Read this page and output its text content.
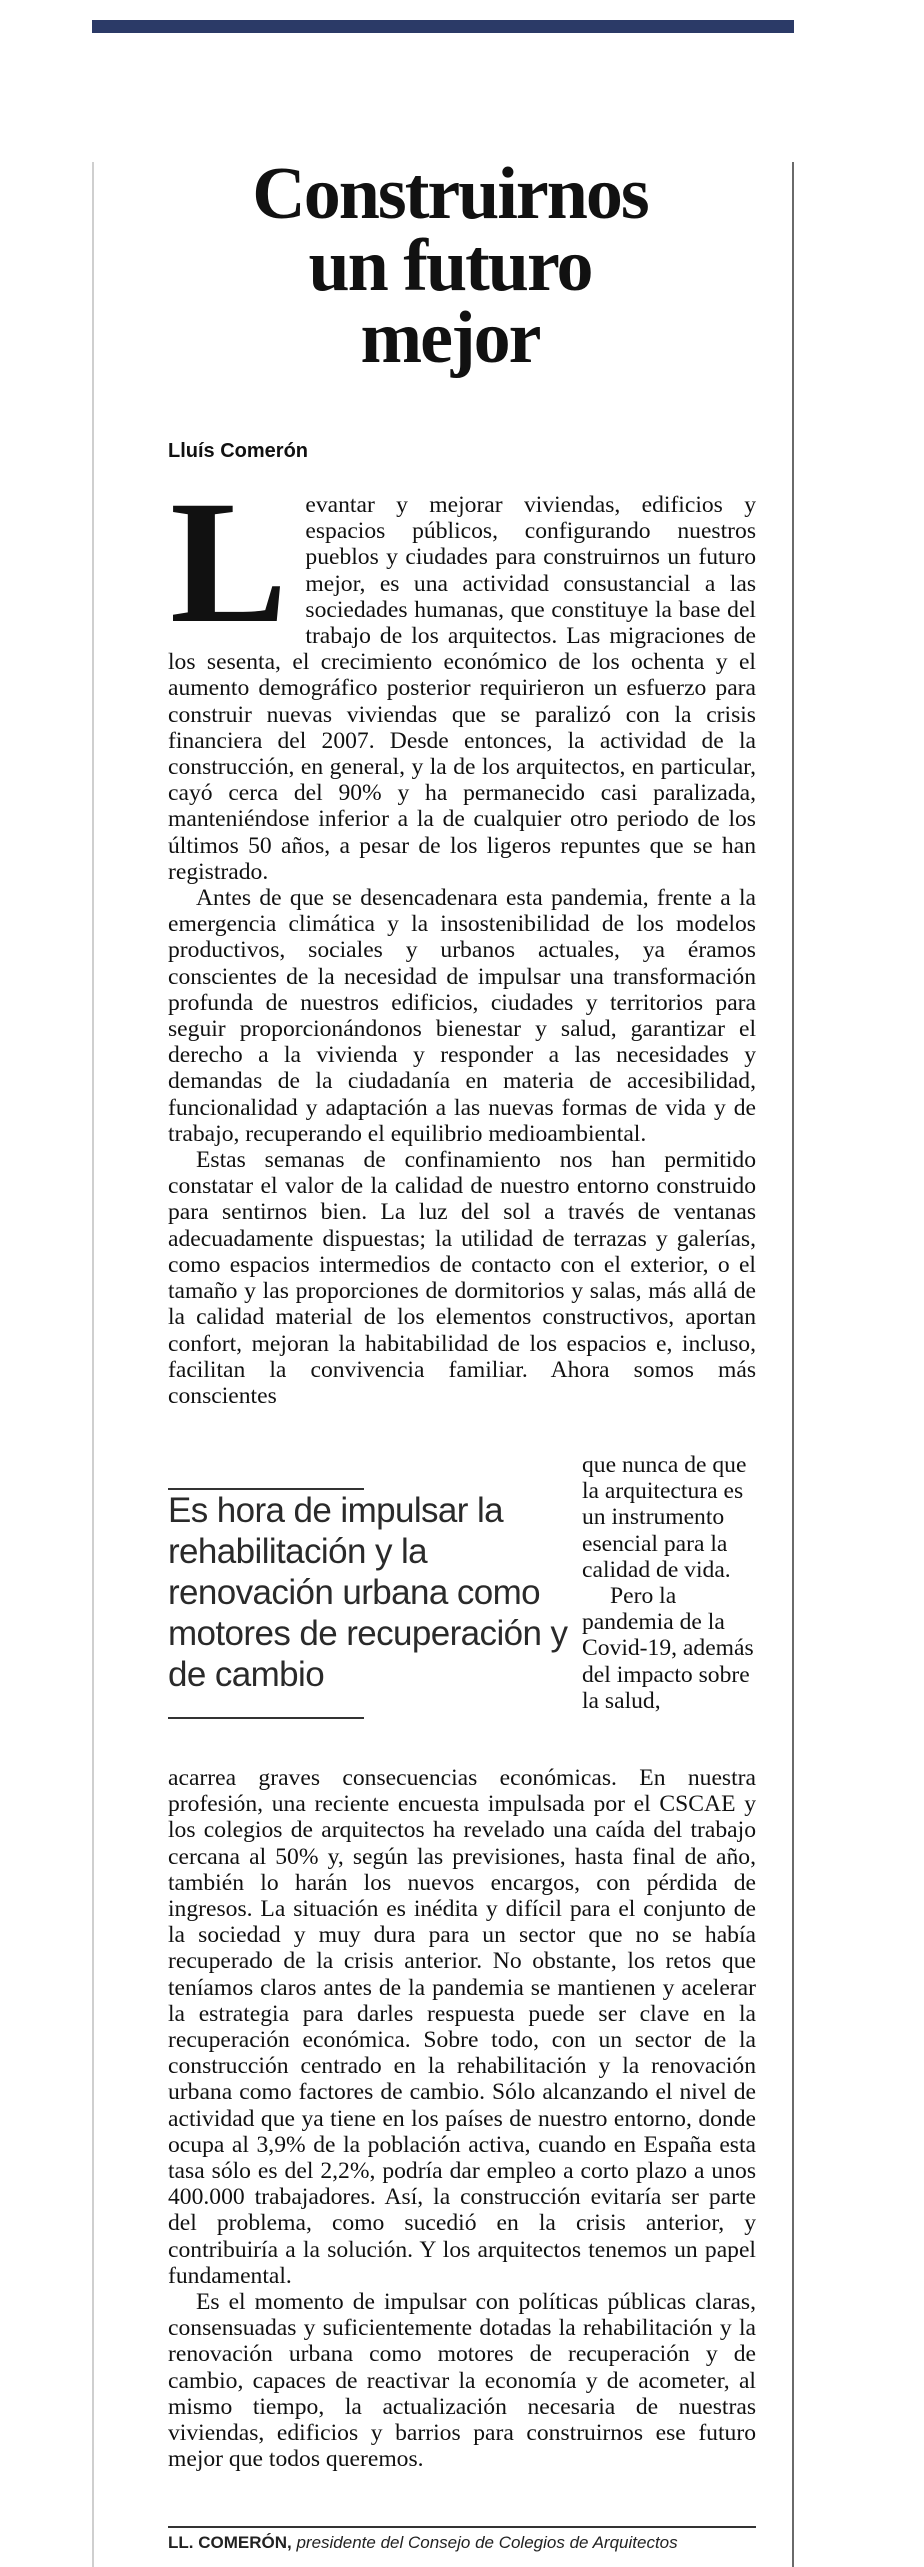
Construirnos
un futuro
mejor
Lluís Comerón

Levantar y mejorar viviendas, edificios y espacios públicos, configurando nuestros pueblos y ciudades para construirnos un futuro mejor, es una actividad consustancial a las sociedades humanas, que constituye la base del trabajo de los arquitectos. Las migraciones de los sesenta, el crecimiento económico de los ochenta y el aumento demográfico posterior requirieron un esfuerzo para construir nuevas viviendas que se paralizó con la crisis financiera del 2007. Desde entonces, la actividad de la construcción, en general, y la de los arquitectos, en particular, cayó cerca del 90% y ha permanecido casi paralizada, manteniéndose inferior a la de cualquier otro periodo de los últimos 50 años, a pesar de los ligeros repuntes que se han registrado.

Antes de que se desencadenara esta pandemia, frente a la emergencia climática y la insostenibilidad de los modelos productivos, sociales y urbanos actuales, ya éramos conscientes de la necesidad de impulsar una transformación profunda de nuestros edificios, ciudades y territorios para seguir proporcionándonos bienestar y salud, garantizar el derecho a la vivienda y responder a las necesidades y demandas de la ciudadanía en materia de accesibilidad, funcionalidad y adaptación a las nuevas formas de vida y de trabajo, recuperando el equilibrio medioambiental.

Estas semanas de confinamiento nos han permitido constatar el valor de la calidad de nuestro entorno construido para sentirnos bien. La luz del sol a través de ventanas adecuadamente dispuestas; la utilidad de terrazas y galerías, como espacios intermedios de contacto con el exterior, o el tamaño y las proporciones de dormitorios y salas, más allá de la calidad material de los elementos constructivos, aportan confort, mejoran la habitabilidad de los espacios e, incluso, facilitan la convivencia familiar. Ahora somos más conscientes

Es hora de impulsar la rehabilitación y la renovación urbana como motores de recuperación y de cambio

que nunca de que la arquitectura es un instrumento esencial para la calidad de vida.

Pero la pandemia de la Covid-19, además del impacto sobre la salud,

acarrea graves consecuencias económicas. En nuestra profesión, una reciente encuesta impulsada por el CSCAE y los colegios de arquitectos ha revelado una caída del trabajo cercana al 50% y, según las previsiones, hasta final de año, también lo harán los nuevos encargos, con pérdida de ingresos. La situación es inédita y difícil para el conjunto de la sociedad y muy dura para un sector que no se había recuperado de la crisis anterior. No obstante, los retos que teníamos claros antes de la pandemia se mantienen y acelerar la estrategia para darles respuesta puede ser clave en la recuperación económica. Sobre todo, con un sector de la construcción centrado en la rehabilitación y la renovación urbana como factores de cambio. Sólo alcanzando el nivel de actividad que ya tiene en los países de nuestro entorno, donde ocupa al 3,9% de la población activa, cuando en España esta tasa sólo es del 2,2%, podría dar empleo a corto plazo a unos 400.000 trabajadores. Así, la construcción evitaría ser parte del problema, como sucedió en la crisis anterior, y contribuiría a la solución. Y los arquitectos tenemos un papel fundamental.

Es el momento de impulsar con políticas públicas claras, consensuadas y suficientemente dotadas la rehabilitación y la renovación urbana como motores de recuperación y de cambio, capaces de reactivar la economía y de acometer, al mismo tiempo, la actualización necesaria de nuestras viviendas, edificios y barrios para construirnos ese futuro mejor que todos queremos.

LL. COMERÓN, presidente del Consejo de Colegios de Arquitectos
